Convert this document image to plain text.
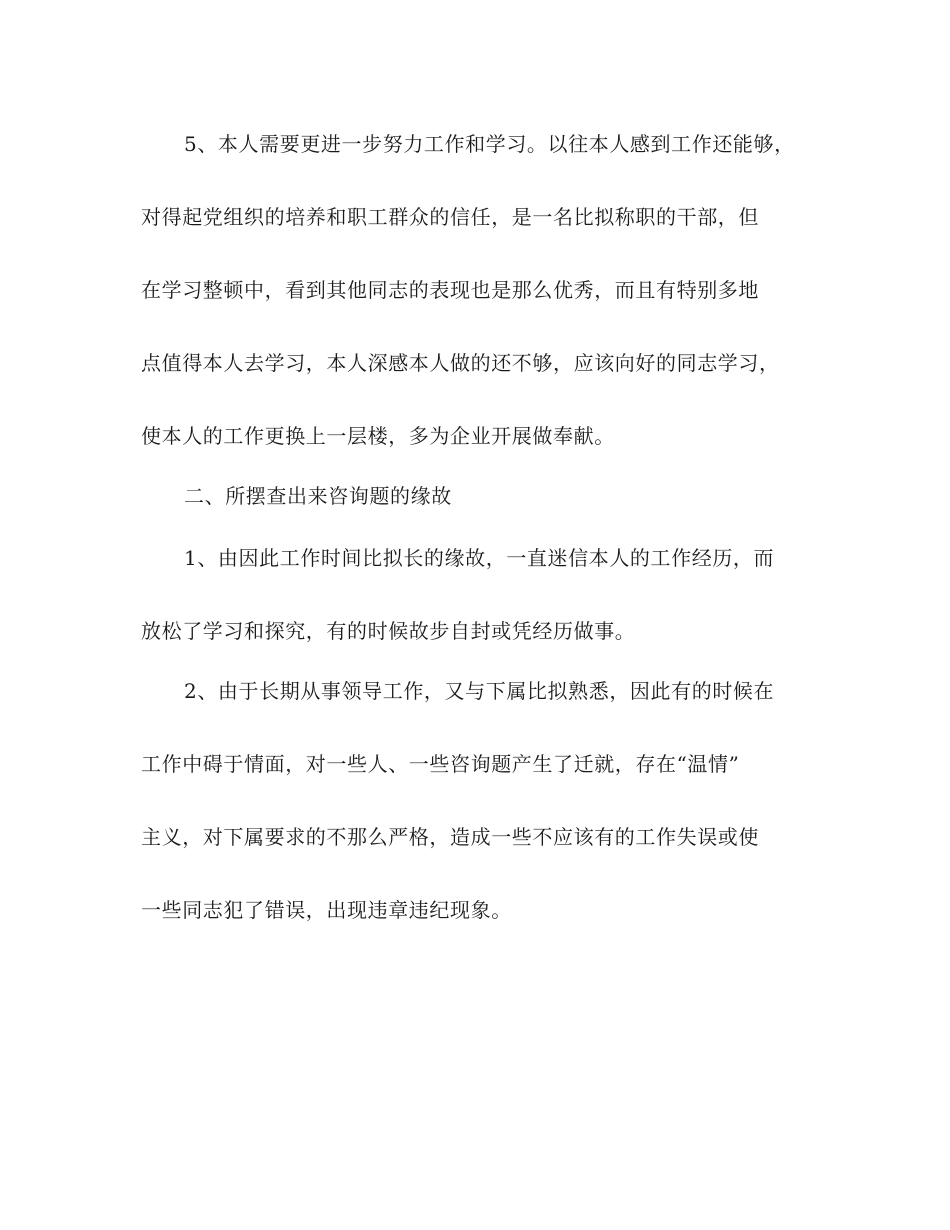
5、本人需要更进一步努力工作和学习。以往本人感到工作还能够，

对得起党组织的培养和职工群众的信任，是一名比拟称职的干部，但

在学习整顿中，看到其他同志的表现也是那么优秀，而且有特别多地

点值得本人去学习，本人深感本人做的还不够，应该向好的同志学习，

使本人的工作更换上一层楼，多为企业开展做奉献。

二、所摆查出来咨询题的缘故

1、由因此工作时间比拟长的缘故，一直迷信本人的工作经历，而

放松了学习和探究，有的时候故步自封或凭经历做事。

2、由于长期从事领导工作，又与下属比拟熟悉，因此有的时候在

工作中碍于情面，对一些人、一些咨询题产生了迁就，存在“温情”

主义，对下属要求的不那么严格，造成一些不应该有的工作失误或使

一些同志犯了错误，出现违章违纪现象。
